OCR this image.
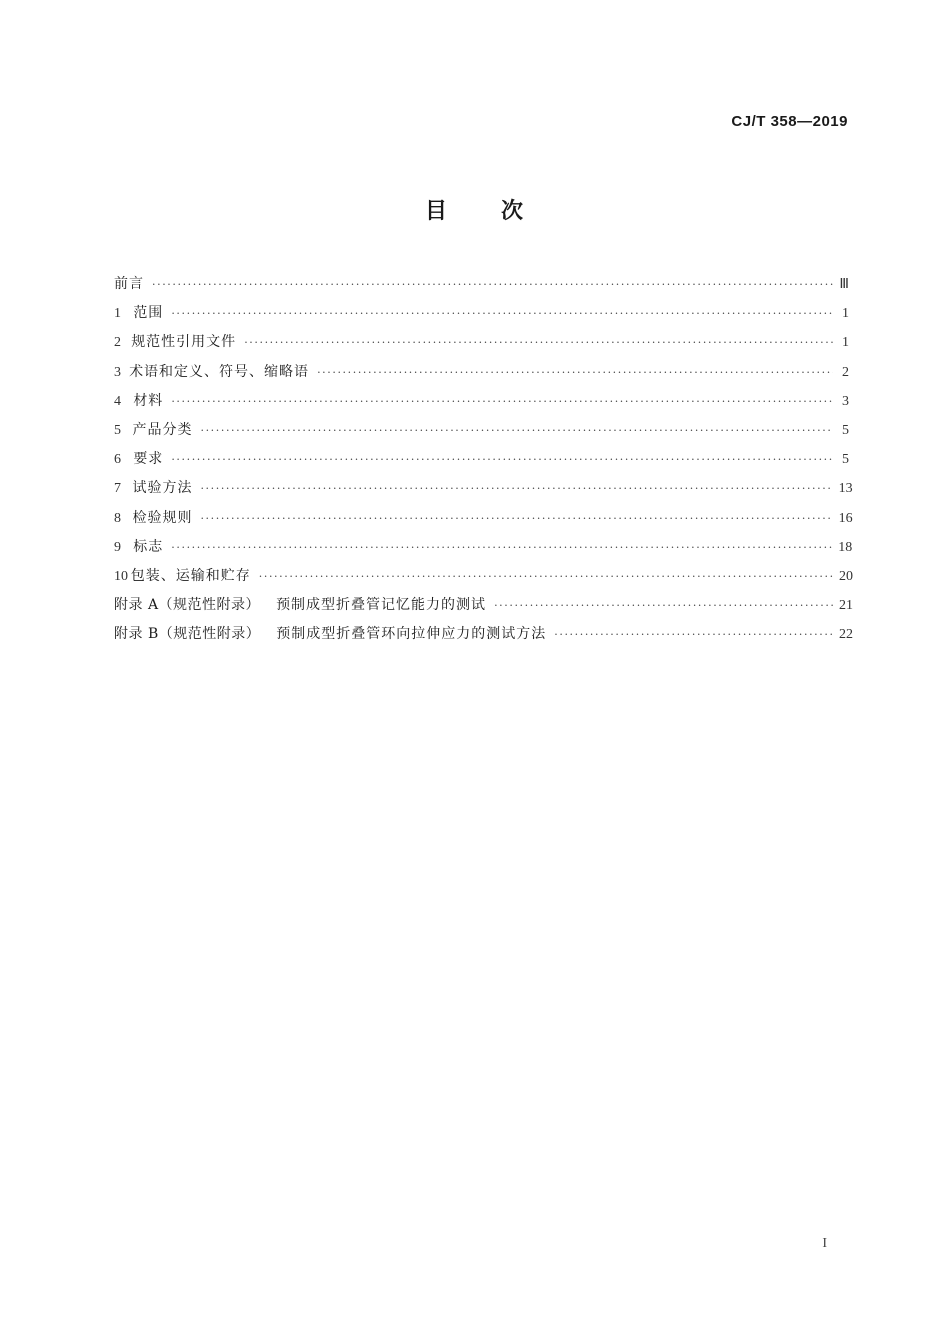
CJ/T 358—2019
目 次
前言 ·····	Ⅲ
1 范围 ·····	1
2 规范性引用文件 ·····	1
3 术语和定义、符号、缩略语 ·····	2
4 材料 ·····	3
5 产品分类 ·····	5
6 要求 ·····	5
7 试验方法 ·····	13
8 检验规则 ·····	16
9 标志 ·····	18
10 包装、运输和贮存 ·····	20
附录 A（规范性附录） 预制成型折叠管记忆能力的测试 ·····	21
附录 B（规范性附录） 预制成型折叠管环向拉伸应力的测试方法 ·····	22
I
